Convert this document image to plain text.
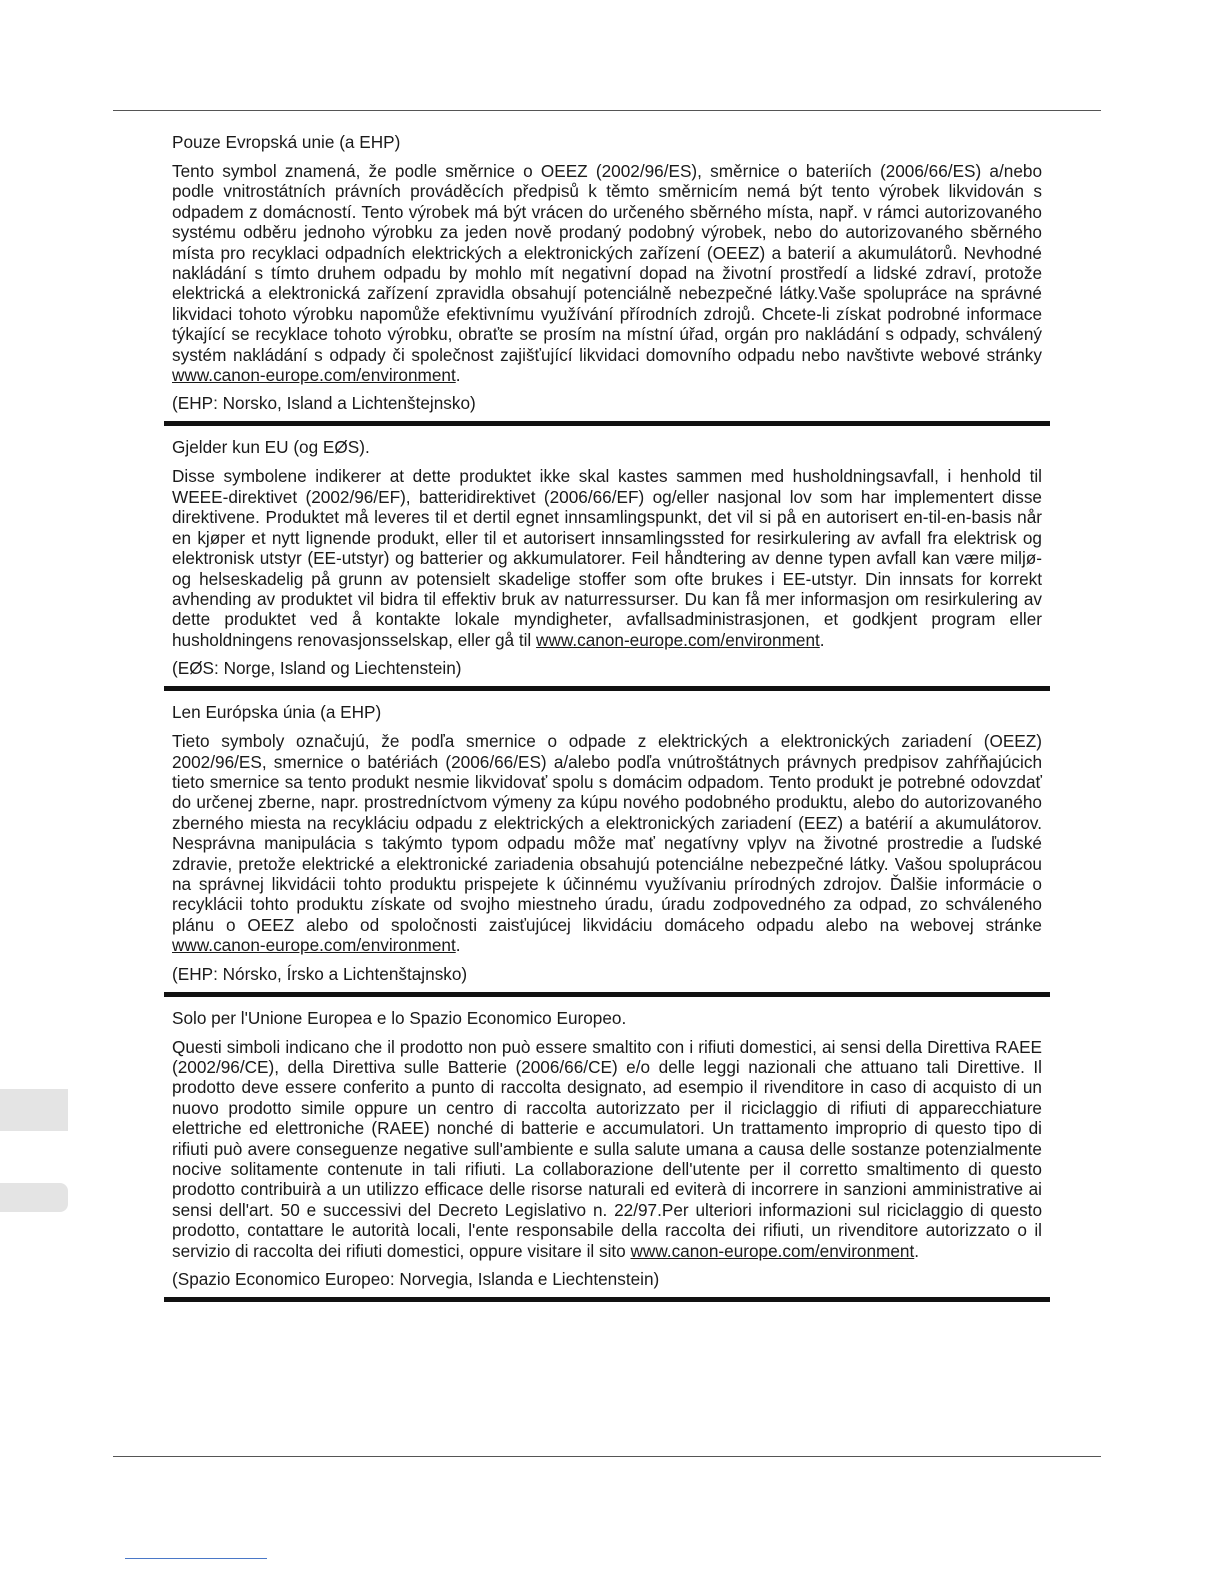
Pouze Evropská unie (a EHP)

Tento symbol znamená, že podle směrnice o OEEZ (2002/96/ES), směrnice o bateriích (2006/66/ES) a/nebo podle vnitrostátních právních prováděcích předpisů k těmto směrnicím nemá být tento výrobek likvidován s odpadem z domácností. Tento výrobek má být vrácen do určeného sběrného místa, např. v rámci autorizovaného systému odběru jednoho výrobku za jeden nově prodaný podobný výrobek, nebo do autorizovaného sběrného místa pro recyklaci odpadních elektrických a elektronických zařízení (OEEZ) a baterií a akumulátorů. Nevhodné nakládání s tímto druhem odpadu by mohlo mít negativní dopad na životní prostředí a lidské zdraví, protože elektrická a elektronická zařízení zpravidla obsahují potenciálně nebezpečné látky.Vaše spolupráce na správné likvidaci tohoto výrobku napomůže efektivnímu využívání přírodních zdrojů. Chcete-li získat podrobné informace týkající se recyklace tohoto výrobku, obraťte se prosím na místní úřad, orgán pro nakládání s odpady, schválený systém nakládání s odpady či společnost zajišťující likvidaci domovního odpadu nebo navštivte webové stránky www.canon-europe.com/environment.

(EHP: Norsko, Island a Lichtenštejnsko)

Gjelder kun EU (og EØS).

Disse symbolene indikerer at dette produktet ikke skal kastes sammen med husholdningsavfall, i henhold til WEEE-direktivet (2002/96/EF), batteridirektivet (2006/66/EF) og/eller nasjonal lov som har implementert disse direktivene. Produktet må leveres til et dertil egnet innsamlingspunkt, det vil si på en autorisert en-til-en-basis når en kjøper et nytt lignende produkt, eller til et autorisert innsamlingssted for resirkulering av avfall fra elektrisk og elektronisk utstyr (EE-utstyr) og batterier og akkumulatorer. Feil håndtering av denne typen avfall kan være miljø- og helseskadelig på grunn av potensielt skadelige stoffer som ofte brukes i EE-utstyr. Din innsats for korrekt avhending av produktet vil bidra til effektiv bruk av naturressurser. Du kan få mer informasjon om resirkulering av dette produktet ved å kontakte lokale myndigheter, avfallsadministrasjonen, et godkjent program eller husholdningens renovasjonsselskap, eller gå til www.canon-europe.com/environment.

(EØS: Norge, Island og Liechtenstein)

Len Európska únia (a EHP)

Tieto symboly označujú, že podľa smernice o odpade z elektrických a elektronických zariadení (OEEZ) 2002/96/ES, smernice o batériách (2006/66/ES) a/alebo podľa vnútroštátnych právnych predpisov zahŕňajúcich tieto smernice sa tento produkt nesmie likvidovať spolu s domácim odpadom. Tento produkt je potrebné odovzdať do určenej zberne, napr. prostredníctvom výmeny za kúpu nového podobného produktu, alebo do autorizovaného zberného miesta na recykláciu odpadu z elektrických a elektronických zariadení (EEZ) a batérií a akumulátorov. Nesprávna manipulácia s takýmto typom odpadu môže mať negatívny vplyv na životné prostredie a ľudské zdravie, pretože elektrické a elektronické zariadenia obsahujú potenciálne nebezpečné látky. Vašou spoluprácou na správnej likvidácii tohto produktu prispejete k účinnému využívaniu prírodných zdrojov. Ďalšie informácie o recyklácii tohto produktu získate od svojho miestneho úradu, úradu zodpovedného za odpad, zo schváleného plánu o OEEZ alebo od spoločnosti zaisťujúcej likvidáciu domáceho odpadu alebo na webovej stránke www.canon-europe.com/environment.

(EHP: Nórsko, Írsko a Lichtenštajnsko)

Solo per l'Unione Europea e lo Spazio Economico Europeo.

Questi simboli indicano che il prodotto non può essere smaltito con i rifiuti domestici, ai sensi della Direttiva RAEE (2002/96/CE), della Direttiva sulle Batterie (2006/66/CE) e/o delle leggi nazionali che attuano tali Direttive. Il prodotto deve essere conferito a punto di raccolta designato, ad esempio il rivenditore in caso di acquisto di un nuovo prodotto simile oppure un centro di raccolta autorizzato per il riciclaggio di rifiuti di apparecchiature elettriche ed elettroniche (RAEE) nonché di batterie e accumulatori. Un trattamento improprio di questo tipo di rifiuti può avere conseguenze negative sull'ambiente e sulla salute umana a causa delle sostanze potenzialmente nocive solitamente contenute in tali rifiuti. La collaborazione dell'utente per il corretto smaltimento di questo prodotto contribuirà a un utilizzo efficace delle risorse naturali ed eviterà di incorrere in sanzioni amministrative ai sensi dell'art. 50 e successivi del Decreto Legislativo n. 22/97.Per ulteriori informazioni sul riciclaggio di questo prodotto, contattare le autorità locali, l'ente responsabile della raccolta dei rifiuti, un rivenditore autorizzato o il servizio di raccolta dei rifiuti domestici, oppure visitare il sito www.canon-europe.com/environment.

(Spazio Economico Europeo: Norvegia, Islanda e Liechtenstein)
